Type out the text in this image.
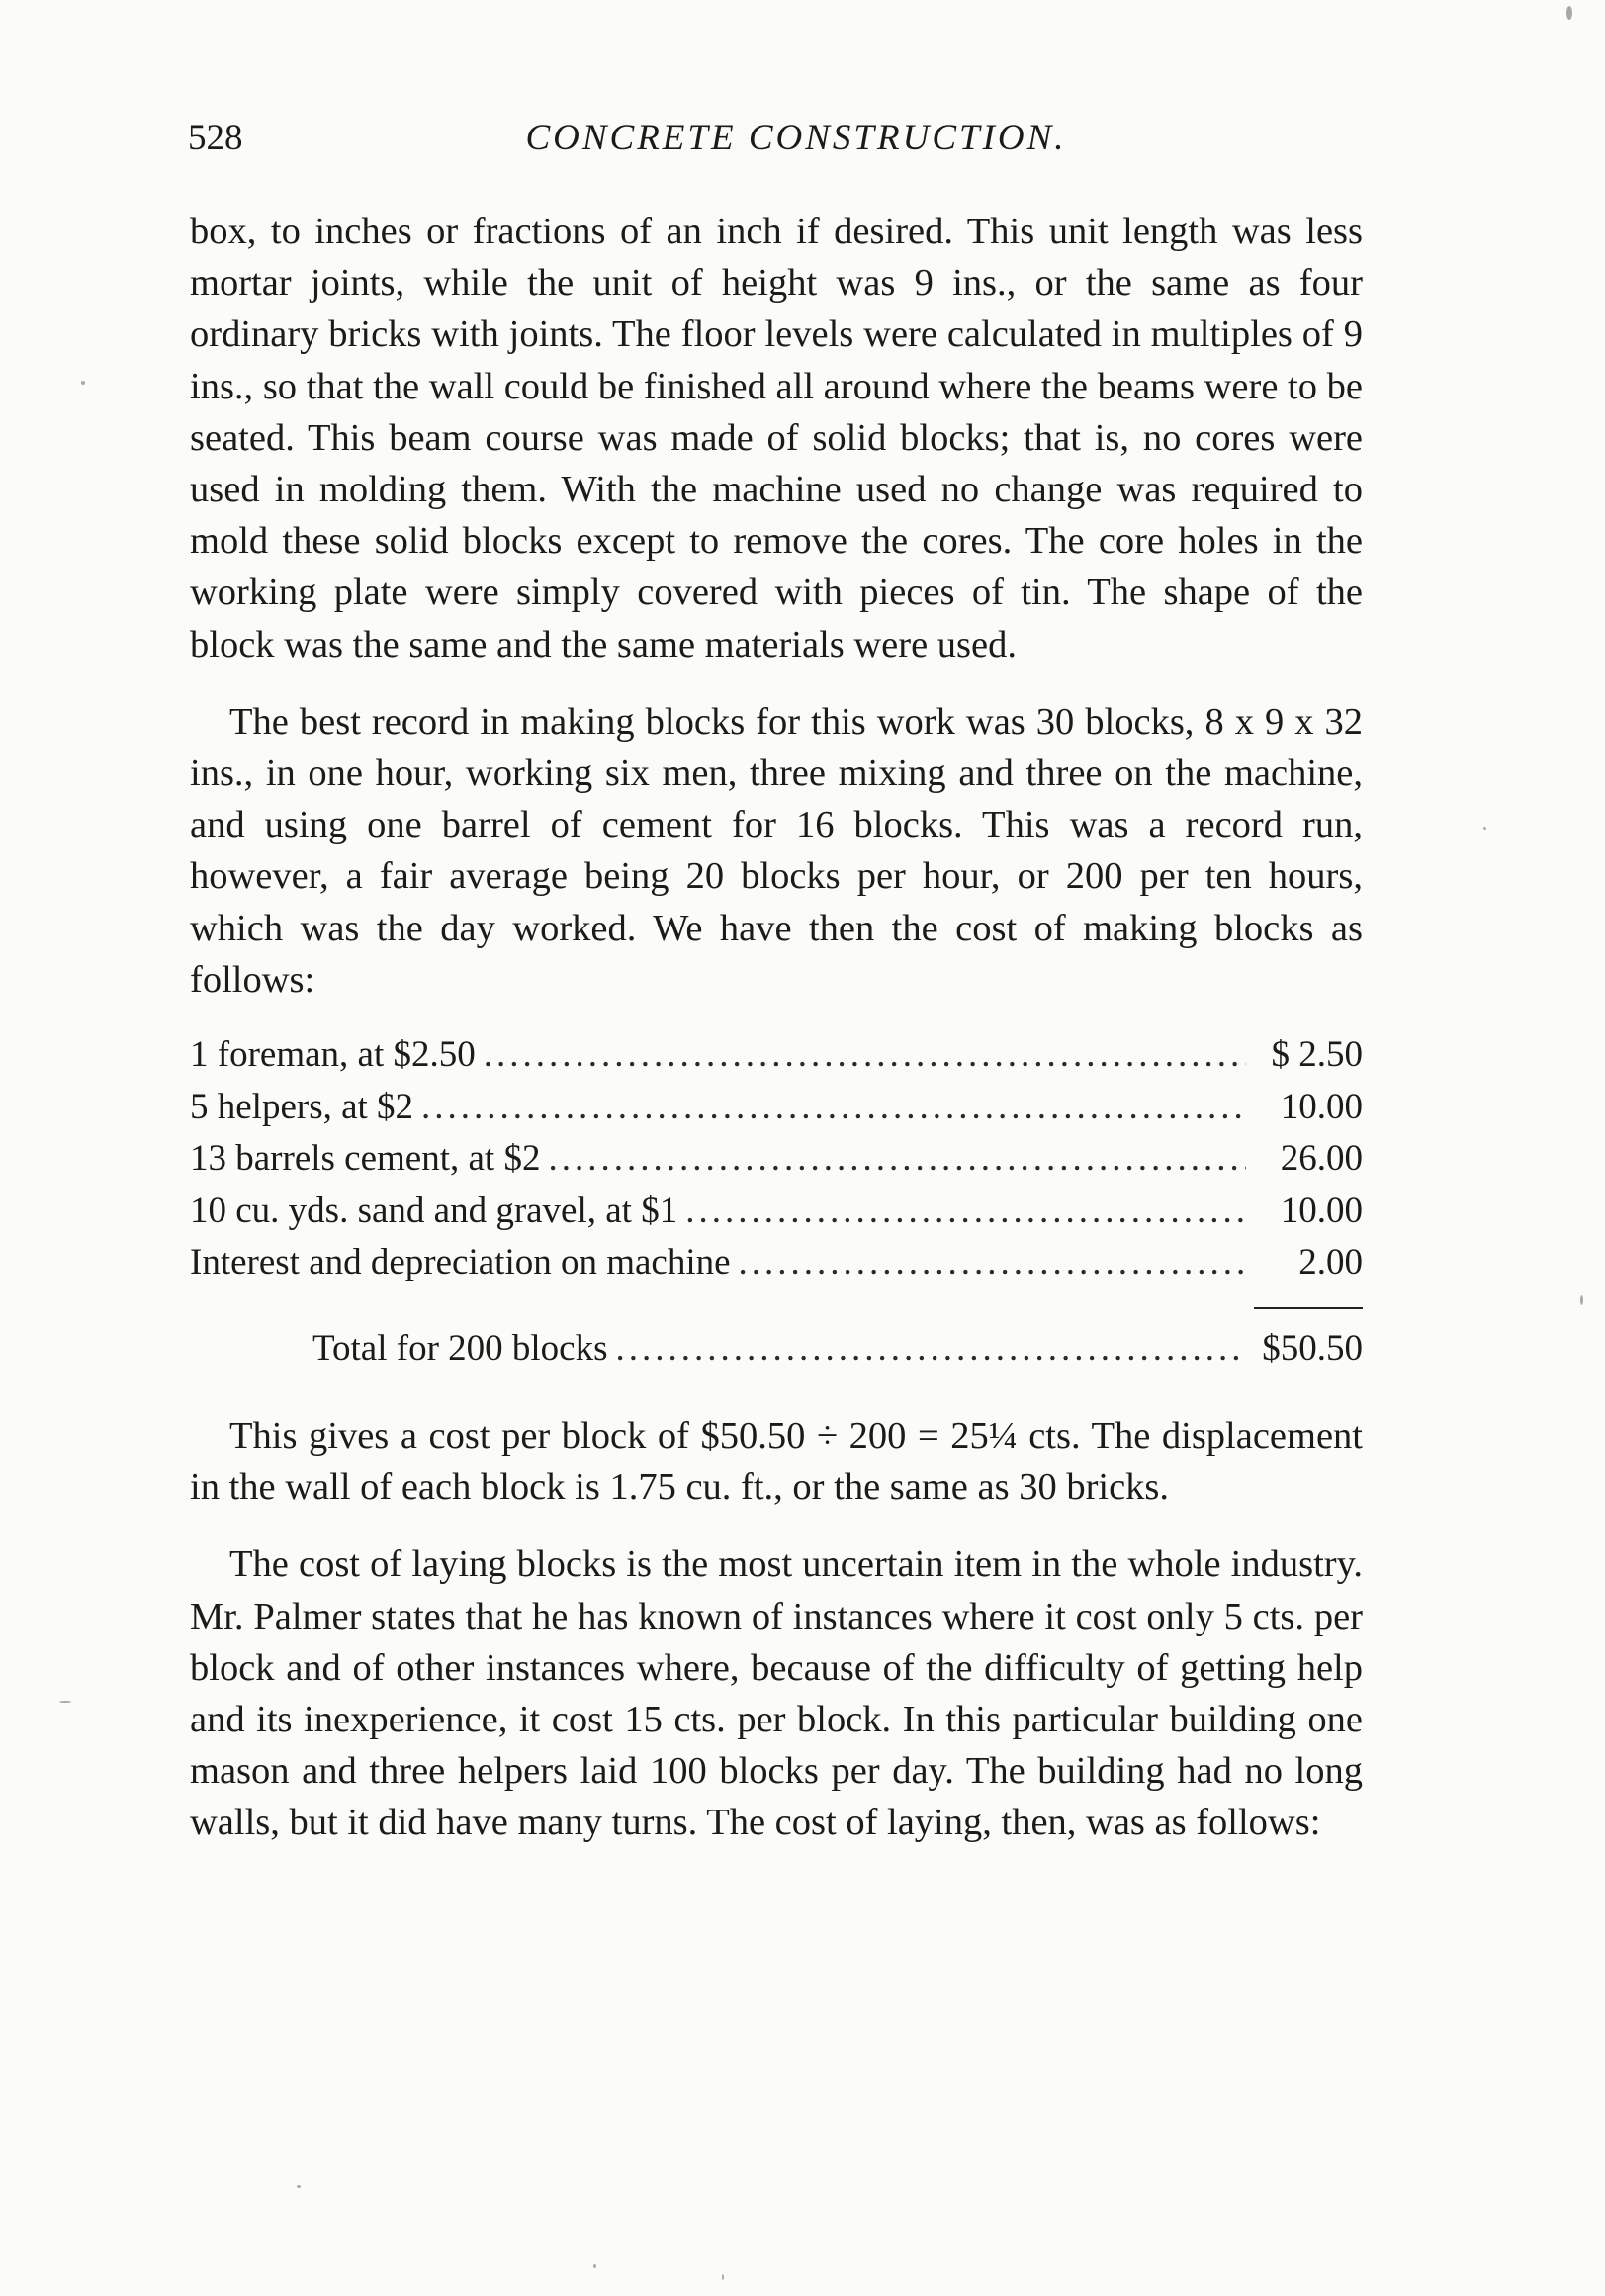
528	CONCRETE CONSTRUCTION.

box, to inches or fractions of an inch if desired. This unit length was less mortar joints, while the unit of height was 9 ins., or the same as four ordinary bricks with joints. The floor levels were calculated in multiples of 9 ins., so that the wall could be finished all around where the beams were to be seated. This beam course was made of solid blocks; that is, no cores were used in molding them. With the machine used no change was required to mold these solid blocks except to remove the cores. The core holes in the working plate were simply covered with pieces of tin. The shape of the block was the same and the same materials were used.

The best record in making blocks for this work was 30 blocks, 8 x 9 x 32 ins., in one hour, working six men, three mixing and three on the machine, and using one barrel of cement for 16 blocks. This was a record run, however, a fair average being 20 blocks per hour, or 200 per ten hours, which was the day worked. We have then the cost of making blocks as follows:

1 foreman, at $2.50 .....	$ 2.50
5 helpers, at $2 .....	10.00
13 barrels cement, at $2 .....	26.00
10 cu. yds. sand and gravel, at $1 .....	10.00
Interest and depreciation on machine .....	2.00
Total for 200 blocks .....	$50.50

This gives a cost per block of $50.50 ÷ 200 = 25¼ cts. The displacement in the wall of each block is 1.75 cu. ft., or the same as 30 bricks.

The cost of laying blocks is the most uncertain item in the whole industry. Mr. Palmer states that he has known of instances where it cost only 5 cts. per block and of other instances where, because of the difficulty of getting help and its inexperience, it cost 15 cts. per block. In this particular building one mason and three helpers laid 100 blocks per day. The building had no long walls, but it did have many turns. The cost of laying, then, was as follows:
